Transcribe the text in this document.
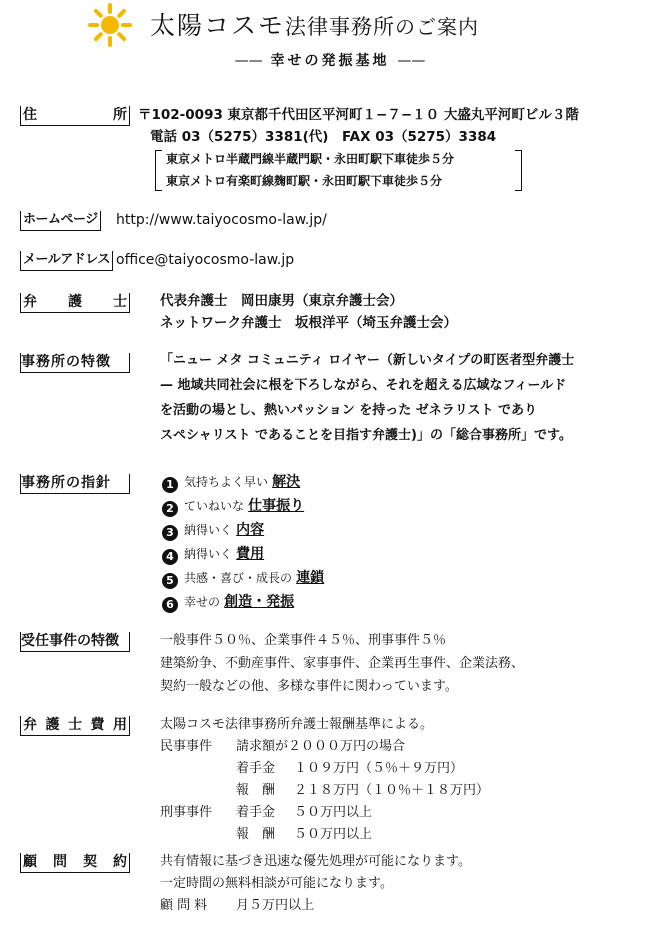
太陽コスモ法律事務所のご案内
—— 幸せの発振基地 ——
住	所 〒102-0093 東京都千代田区平河町１−７−１０ 大盛丸平河町ビル３階
電話 03（5275）3381(代)　FAX 03（5275）3384
東京メトロ半蔵門線半蔵門駅・永田町駅下車徒歩５分
東京メトロ有楽町線麹町駅・永田町駅下車徒歩５分
ホームページ http://www.taiyocosmo-law.jp/
メールアドレス office@taiyocosmo-law.jp
弁 護 士 代表弁護士　岡田康男（東京弁護士会）
ネットワーク弁護士　坂根洋平（埼玉弁護士会）
事務所の特徴	「ニュー メタ コミュニティ ロイヤー（新しいタイプの町医者型弁護士
— 地域共同社会に根を下ろしながら、それを超える広域なフィールド
を活動の場とし、熱いパッション を持った ゼネラリスト であり
スペシャリスト であることを目指す弁護士)」の「総合事務所」です。
事務所の指針	1 気持ちよく早い 解決
2 ていねいな 仕事振り
3 納得いく 内容
4 納得いく 費用
5 共感・喜び・成長の 連鎖
6 幸せの 創造・発振
受任事件の特徴	一般事件５０％、企業事件４５％、刑事事件５％
建築紛争、不動産事件、家事事件、企業再生事件、企業法務、
契約一般などの他、多様な事件に関わっています。
弁 護 士 費 用	太陽コスモ法律事務所弁護士報酬基準による。
民事事件 請求額が２０００万円の場合
着手金 １０９万円（５％＋９万円）
報　酬 ２１８万円（１０％＋１８万円）
刑事事件 着手金 ５０万円以上
報　酬 ５０万円以上
顧 問 契 約	共有情報に基づき迅速な優先処理が可能になります。
一定時間の無料相談が可能になります。
顧 問 料 月５万円以上
